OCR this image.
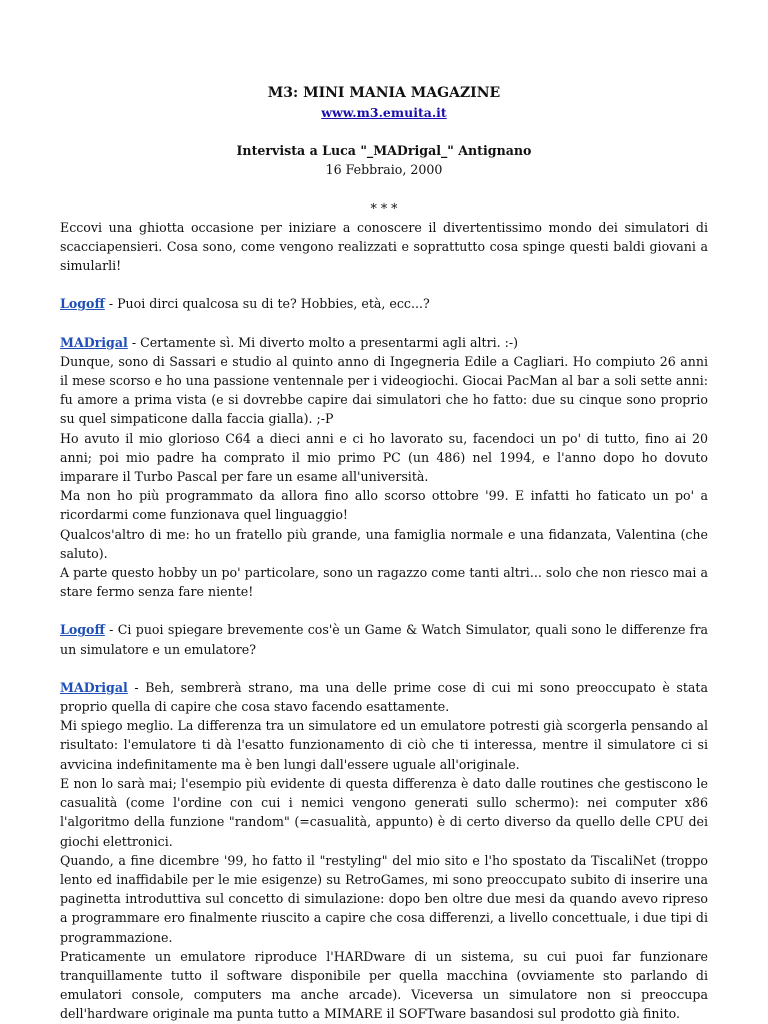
M3: MINI MANIA MAGAZINE
www.m3.emuita.it
Intervista a Luca "_MADrigal_" Antignano
16 Febbraio, 2000
* * *

Eccovi una ghiotta occasione per iniziare a conoscere il divertentissimo mondo dei simulatori di scacciapensieri. Cosa sono, come vengono realizzati e soprattutto cosa spinge questi baldi giovani a simularli!

Logoff - Puoi dirci qualcosa su di te? Hobbies, età, ecc...?

MADrigal - Certamente sì. Mi diverto molto a presentarmi agli altri. :-)

Dunque, sono di Sassari e studio al quinto anno di Ingegneria Edile a Cagliari. Ho compiuto 26 anni il mese scorso e ho una passione ventennale per i videogiochi. Giocai PacMan al bar a soli sette anni: fu amore a prima vista (e si dovrebbe capire dai simulatori che ho fatto: due su cinque sono proprio su quel simpaticone dalla faccia gialla). ;-P

Ho avuto il mio glorioso C64 a dieci anni e ci ho lavorato su, facendoci un po' di tutto, fino ai 20 anni; poi mio padre ha comprato il mio primo PC (un 486) nel 1994, e l'anno dopo ho dovuto imparare il Turbo Pascal per fare un esame all'università.

Ma non ho più programmato da allora fino allo scorso ottobre '99. E infatti ho faticato un po' a ricordarmi come funzionava quel linguaggio!

Qualcos'altro di me: ho un fratello più grande, una famiglia normale e una fidanzata, Valentina (che saluto).

A parte questo hobby un po' particolare, sono un ragazzo come tanti altri... solo che non riesco mai a stare fermo senza fare niente!

Logoff - Ci puoi spiegare brevemente cos'è un Game & Watch Simulator, quali sono le differenze fra un simulatore e un emulatore?

MADrigal - Beh, sembrerà strano, ma una delle prime cose di cui mi sono preoccupato è stata proprio quella di capire che cosa stavo facendo esattamente.

Mi spiego meglio. La differenza tra un simulatore ed un emulatore potresti già scorgerla pensando al risultato: l'emulatore ti dà l'esatto funzionamento di ciò che ti interessa, mentre il simulatore ci si avvicina indefinitamente ma è ben lungi dall'essere uguale all'originale.

E non lo sarà mai; l'esempio più evidente di questa differenza è dato dalle routines che gestiscono le casualità (come l'ordine con cui i nemici vengono generati sullo schermo): nei computer x86 l'algoritmo della funzione "random" (=casualità, appunto) è di certo diverso da quello delle CPU dei giochi elettronici.

Quando, a fine dicembre '99, ho fatto il "restyling" del mio sito e l'ho spostato da TiscaliNet (troppo lento ed inaffidabile per le mie esigenze) su RetroGames, mi sono preoccupato subito di inserire una paginetta introduttiva sul concetto di simulazione: dopo ben oltre due mesi da quando avevo ripreso a programmare ero finalmente riuscito a capire che cosa differenzi, a livello concettuale, i due tipi di programmazione.

Praticamente un emulatore riproduce l'HARDware di un sistema, su cui puoi far funzionare tranquillamente tutto il software disponibile per quella macchina (ovviamente sto parlando di emulatori console, computers ma anche arcade). Viceversa un simulatore non si preoccupa dell'hardware originale ma punta tutto a MIMARE il SOFTware basandosi sul prodotto già finito.
